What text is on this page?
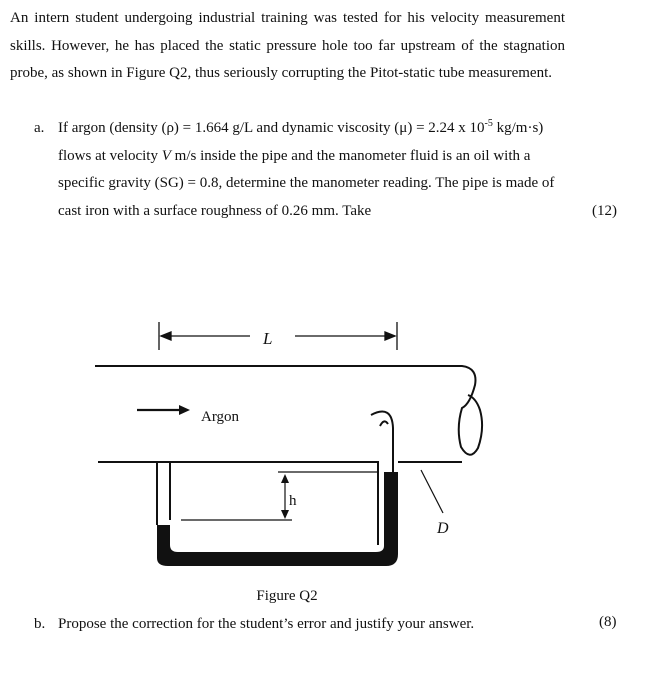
An intern student undergoing industrial training was tested for his velocity measurement skills. However, he has placed the static pressure hole too far upstream of the stagnation probe, as shown in Figure Q2, thus seriously corrupting the Pitot-static tube measurement.
a. If argon (density (ρ) = 1.664 g/L and dynamic viscosity (μ) = 2.24 x $10^{-5}$ kg/m·s) flows at velocity V m/s inside the pipe and the manometer fluid is an oil with a specific gravity (SG) = 0.8, determine the manometer reading. The pipe is made of cast iron with a surface roughness of 0.26 mm. Take	(12)
L
Argon
h
D
Figure Q2
b. Propose the correction for the student’s error and justify your answer.	(8)
